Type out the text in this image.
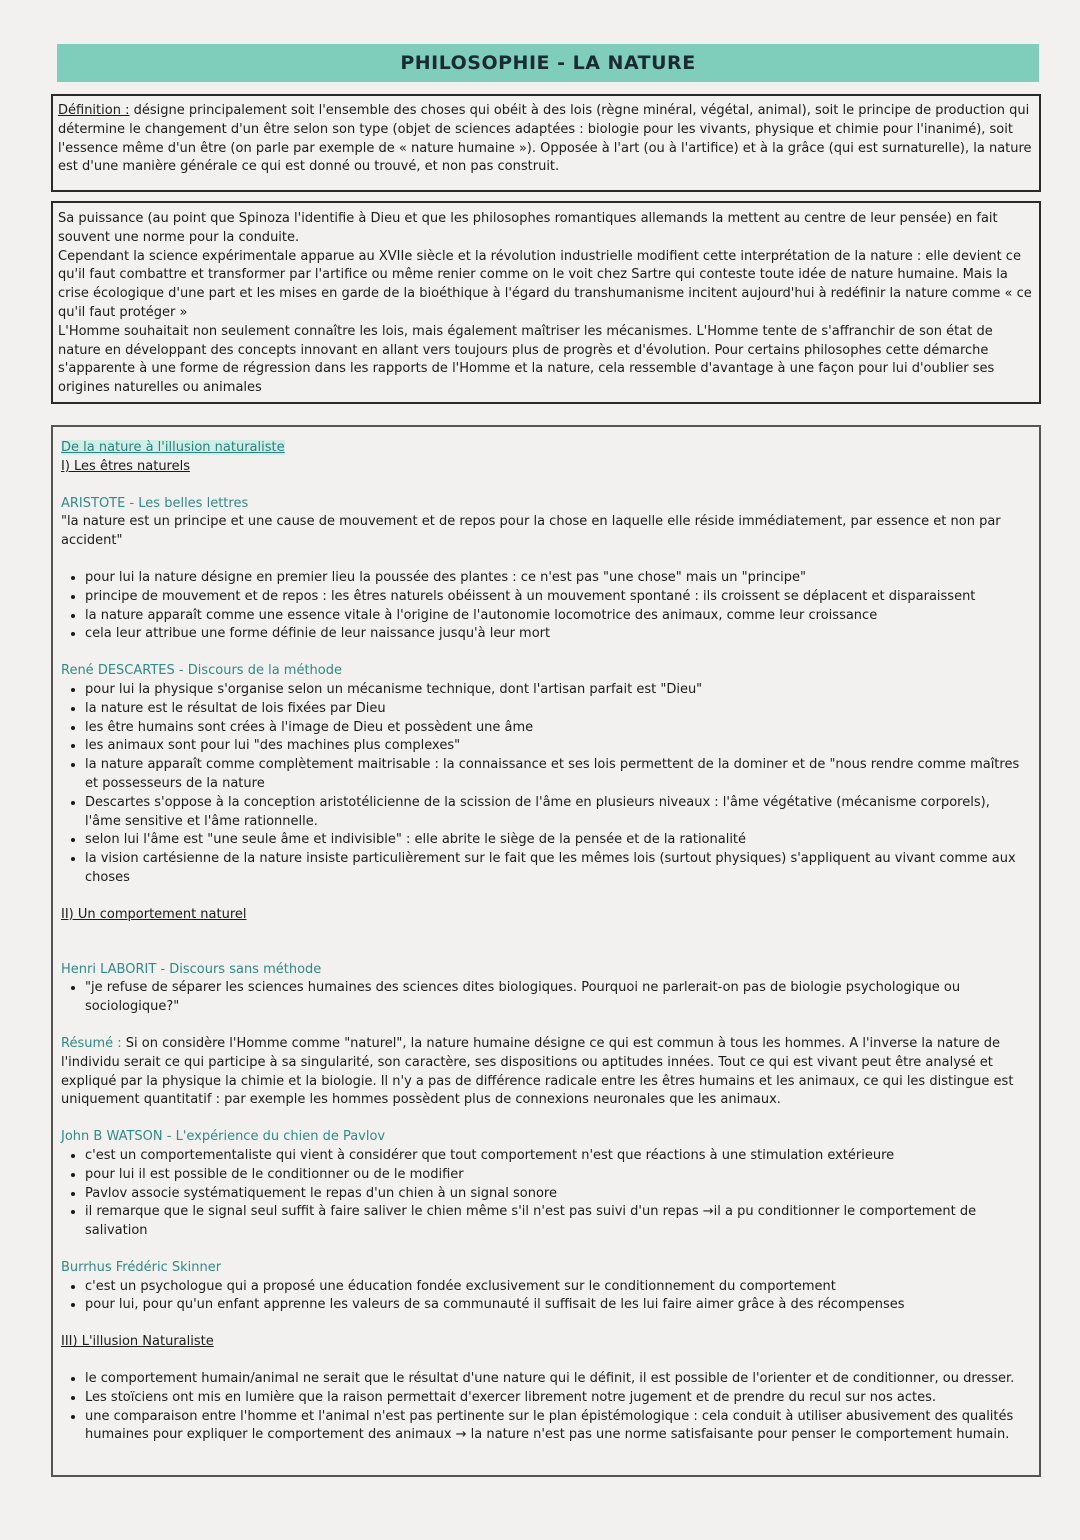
PHILOSOPHIE - LA NATURE

Définition : désigne principalement soit l'ensemble des choses qui obéit à des lois (règne minéral, végétal, animal), soit le principe de production qui détermine le changement d'un être selon son type (objet de sciences adaptées : biologie pour les vivants, physique et chimie pour l'inanimé), soit l'essence même d'un être (on parle par exemple de « nature humaine »). Opposée à l'art (ou à l'artifice) et à la grâce (qui est surnaturelle), la nature est d'une manière générale ce qui est donné ou trouvé, et non pas construit.

Sa puissance (au point que Spinoza l'identifie à Dieu et que les philosophes romantiques allemands la mettent au centre de leur pensée) en fait souvent une norme pour la conduite.

Cependant la science expérimentale apparue au XVIIe siècle et la révolution industrielle modifient cette interprétation de la nature : elle devient ce qu'il faut combattre et transformer par l'artifice ou même renier comme on le voit chez Sartre qui conteste toute idée de nature humaine. Mais la crise écologique d'une part et les mises en garde de la bioéthique à l'égard du transhumanisme incitent aujourd'hui à redéfinir la nature comme « ce qu'il faut protéger »

L'Homme souhaitait non seulement connaître les lois, mais également maîtriser les mécanismes. L'Homme tente de s'affranchir de son état de nature en développant des concepts innovant en allant vers toujours plus de progrès et d'évolution. Pour certains philosophes cette démarche s'apparente à une forme de régression dans les rapports de l'Homme et la nature, cela ressemble d'avantage à une façon pour lui d'oublier ses origines naturelles ou animales

De la nature à l'illusion naturaliste

I) Les êtres naturels

ARISTOTE - Les belles lettres

"la nature est un principe et une cause de mouvement et de repos pour la chose en laquelle elle réside immédiatement, par essence et non par accident"

• pour lui la nature désigne en premier lieu la poussée des plantes : ce n'est pas "une chose" mais un "principe"
• principe de mouvement et de repos : les êtres naturels obéissent à un mouvement spontané : ils croissent se déplacent et disparaissent
• la nature apparaît comme une essence vitale à l'origine de l'autonomie locomotrice des animaux, comme leur croissance
• cela leur attribue une forme définie de leur naissance jusqu'à leur mort

René DESCARTES - Discours de la méthode

• pour lui la physique s'organise selon un mécanisme technique, dont l'artisan parfait est "Dieu"
• la nature est le résultat de lois fixées par Dieu
• les être humains sont crées à l'image de Dieu et possèdent une âme
• les animaux sont pour lui "des machines plus complexes"
• la nature apparaît comme complètement maitrisable : la connaissance et ses lois permettent de la dominer et de "nous rendre comme maîtres et possesseurs de la nature
• Descartes s'oppose à la conception aristotélicienne de la scission de l'âme en plusieurs niveaux : l'âme végétative (mécanisme corporels), l'âme sensitive et l'âme rationnelle.
• selon lui l'âme est "une seule âme et indivisible" : elle abrite le siège de la pensée et de la rationalité
• la vision cartésienne de la nature insiste particulièrement sur le fait que les mêmes lois (surtout physiques) s'appliquent au vivant comme aux choses

II) Un comportement naturel

Henri LABORIT - Discours sans méthode

• "je refuse de séparer les sciences humaines des sciences dites biologiques. Pourquoi ne parlerait-on pas de biologie psychologique ou sociologique?"

Résumé : Si on considère l'Homme comme "naturel", la nature humaine désigne ce qui est commun à tous les hommes. A l'inverse la nature de l'individu serait ce qui participe à sa singularité, son caractère, ses dispositions ou aptitudes innées. Tout ce qui est vivant peut être analysé et expliqué par la physique la chimie et la biologie. Il n'y a pas de différence radicale entre les êtres humains et les animaux, ce qui les distingue est uniquement quantitatif : par exemple les hommes possèdent plus de connexions neuronales que les animaux.

John B WATSON - L'expérience du chien de Pavlov

• c'est un comportementaliste qui vient à considérer que tout comportement n'est que réactions à une stimulation extérieure
• pour lui il est possible de le conditionner ou de le modifier
• Pavlov associe systématiquement le repas d'un chien à un signal sonore
• il remarque que le signal seul suffit à faire saliver le chien même s'il n'est pas suivi d'un repas →il a pu conditionner le comportement de salivation

Burrhus Frédéric Skinner

• c'est un psychologue qui a proposé une éducation fondée exclusivement sur le conditionnement du comportement
• pour lui, pour qu'un enfant apprenne les valeurs de sa communauté il suffisait de les lui faire aimer grâce à des récompenses

III) L'illusion Naturaliste

• le comportement humain/animal ne serait que le résultat d'une nature qui le définit, il est possible de l'orienter et de conditionner, ou dresser.
• Les stoïciens ont mis en lumière que la raison permettait d'exercer librement notre jugement et de prendre du recul sur nos actes.
• une comparaison entre l'homme et l'animal n'est pas pertinente sur le plan épistémologique : cela conduit à utiliser abusivement des qualités humaines pour expliquer le comportement des animaux → la nature n'est pas une norme satisfaisante pour penser le comportement humain.
